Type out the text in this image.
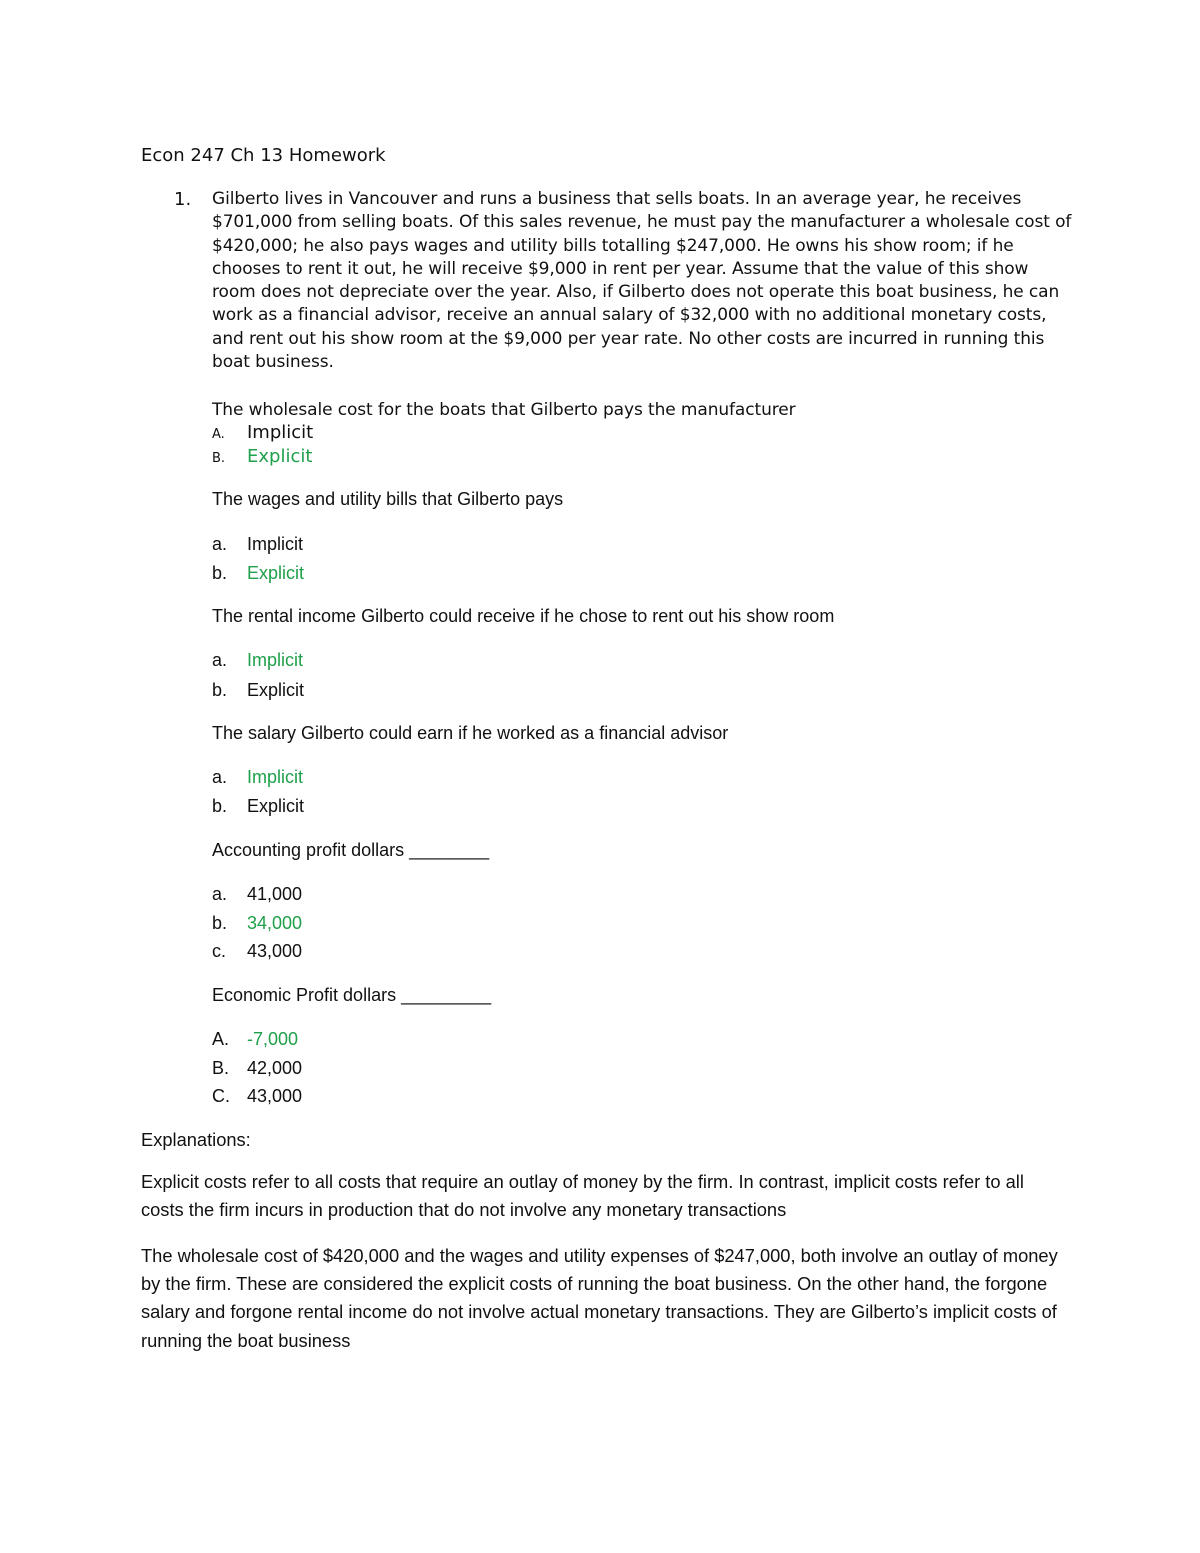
Econ 247 Ch 13 Homework
1. Gilberto lives in Vancouver and runs a business that sells boats. In an average year, he receives $701,000 from selling boats. Of this sales revenue, he must pay the manufacturer a wholesale cost of $420,000; he also pays wages and utility bills totalling $247,000. He owns his show room; if he chooses to rent it out, he will receive $9,000 in rent per year. Assume that the value of this show room does not depreciate over the year. Also, if Gilberto does not operate this boat business, he can work as a financial advisor, receive an annual salary of $32,000 with no additional monetary costs, and rent out his show room at the $9,000 per year rate. No other costs are incurred in running this boat business.

The wholesale cost for the boats that Gilberto pays the manufacturer
A. Implicit
B. Explicit
The wages and utility bills that Gilberto pays
a. Implicit
b. Explicit
The rental income Gilberto could receive if he chose to rent out his show room
a. Implicit
b. Explicit
The salary Gilberto could earn if he worked as a financial advisor
a. Implicit
b. Explicit
Accounting profit dollars ________
a. 41,000
b. 34,000
c. 43,000
Economic Profit dollars _________
A. -7,000
B. 42,000
C. 43,000
Explanations:

Explicit costs refer to all costs that require an outlay of money by the firm. In contrast, implicit costs refer to all costs the firm incurs in production that do not involve any monetary transactions

The wholesale cost of $420,000 and the wages and utility expenses of $247,000, both involve an outlay of money by the firm. These are considered the explicit costs of running the boat business. On the other hand, the forgone salary and forgone rental income do not involve actual monetary transactions. They are Gilberto’s implicit costs of running the boat business
